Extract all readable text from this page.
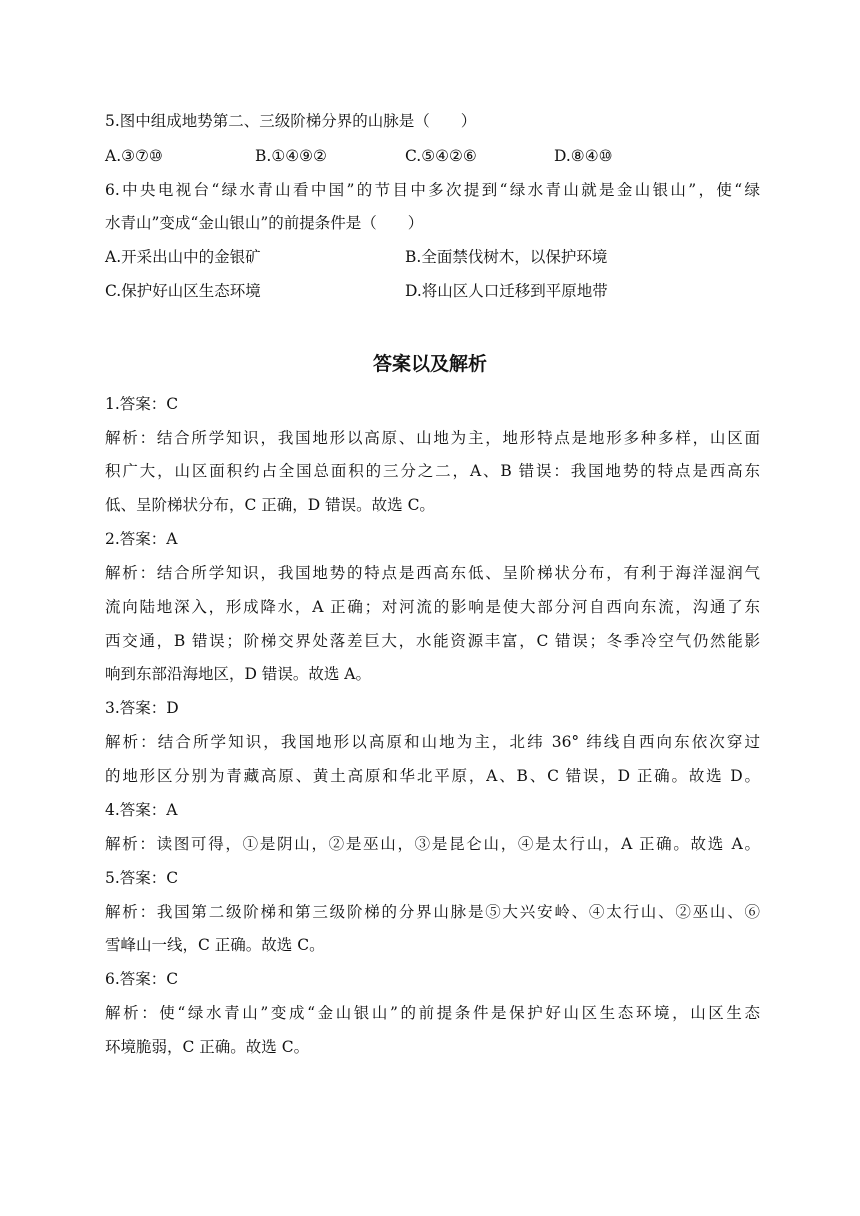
5.图中组成地势第二、三级阶梯分界的山脉是（　　）
A.③⑦⑩	B.①④⑨②	C.⑤④②⑥	D.⑧④⑩
6.中央电视台“绿水青山看中国”的节目中多次提到“绿水青山就是金山银山”，使“绿
水青山”变成“金山银山”的前提条件是（　　）
A.开采出山中的金银矿	B.全面禁伐树木，以保护环境
C.保护好山区生态环境	D.将山区人口迁移到平原地带
答案以及解析
1.答案：C
解析：结合所学知识，我国地形以高原、山地为主，地形特点是地形多种多样，山区面
积广大，山区面积约占全国总面积的三分之二，A、B 错误：我国地势的特点是西高东
低、呈阶梯状分布，C 正确，D 错误。故选 C。
2.答案：A
解析：结合所学知识，我国地势的特点是西高东低、呈阶梯状分布，有利于海洋湿润气
流向陆地深入，形成降水，A 正确；对河流的影响是使大部分河自西向东流，沟通了东
西交通，B 错误；阶梯交界处落差巨大，水能资源丰富，C 错误；冬季冷空气仍然能影
响到东部沿海地区，D 错误。故选 A。
3.答案：D
解析：结合所学知识，我国地形以高原和山地为主，北纬 36° 纬线自西向东依次穿过
的地形区分别为青藏高原、黄土高原和华北平原，A、B、C 错误，D 正确。故选 D。
4.答案：A
解析：读图可得，①是阴山，②是巫山，③是昆仑山，④是太行山，A 正确。故选 A。
5.答案：C
解析：我国第二级阶梯和第三级阶梯的分界山脉是⑤大兴安岭、④太行山、②巫山、⑥
雪峰山一线，C 正确。故选 C。
6.答案：C
解析：使“绿水青山”变成“金山银山”的前提条件是保护好山区生态环境，山区生态
环境脆弱，C 正确。故选 C。
